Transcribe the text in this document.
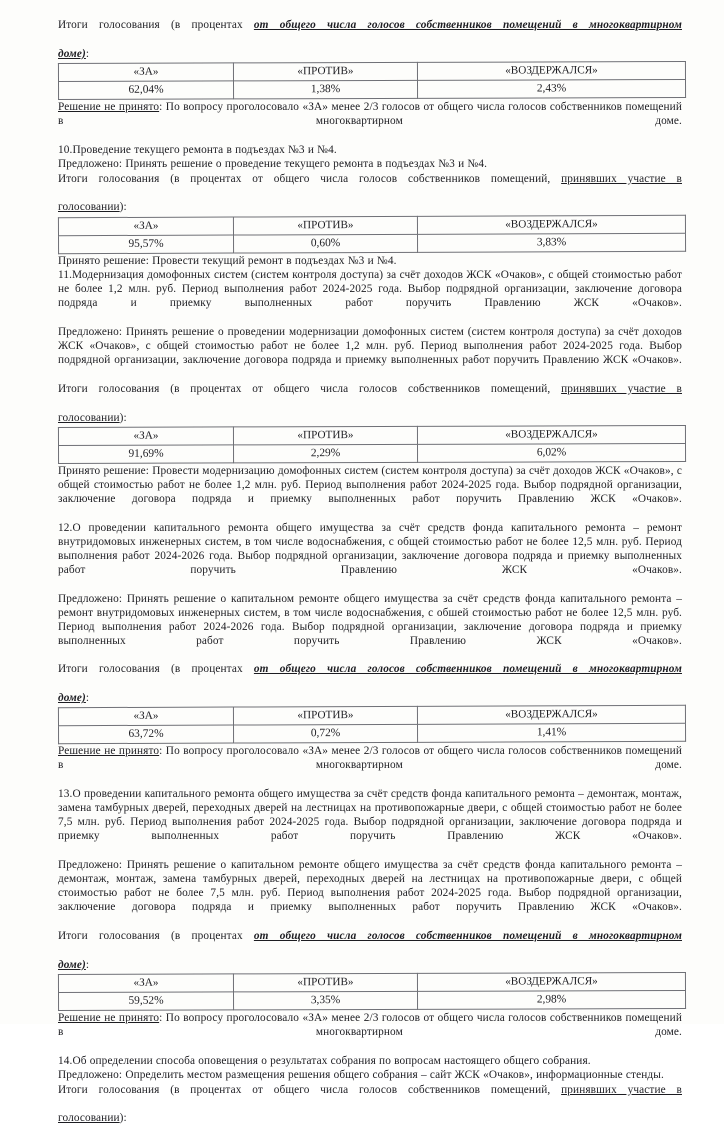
Итоги голосования (в процентах от общего числа голосов собственников помещений в многоквартирном

доме):

«ЗА»	«ПРОТИВ»	«ВОЗДЕРЖАЛСЯ»
62,04%	1,38%	2,43%

Решение не принято: По вопросу проголосовало «ЗА» менее 2/3 голосов от общего числа голосов собственников помещений в многоквартирном доме.

10.Проведение текущего ремонта в подъездах №3 и №4.

Предложено: Принять решение о проведение текущего ремонта в подъездах №3 и №4.

Итоги голосования (в процентах от общего числа голосов собственников помещений, принявших участие в

голосовании):

«ЗА»	«ПРОТИВ»	«ВОЗДЕРЖАЛСЯ»
95,57%	0,60%	3,83%

Принято решение: Провести текущий ремонт в подъездах №3 и №4.

11.Модернизация домофонных систем (систем контроля доступа) за счёт доходов ЖСК «Очаков», с общей стоимостью работ не более 1,2 млн. руб. Период выполнения работ 2024-2025 года. Выбор подрядной организации, заключение договора подряда и приемку выполненных работ поручить Правлению ЖСК «Очаков».

Предложено: Принять решение о проведении модернизации домофонных систем (систем контроля доступа) за счёт доходов ЖСК «Очаков», с общей стоимостью работ не более 1,2 млн. руб. Период выполнения работ 2024-2025 года. Выбор подрядной организации, заключение договора подряда и приемку выполненных работ поручить Правлению ЖСК «Очаков».

Итоги голосования (в процентах от общего числа голосов собственников помещений, принявших участие в

голосовании):

«ЗА»	«ПРОТИВ»	«ВОЗДЕРЖАЛСЯ»
91,69%	2,29%	6,02%

Принято решение: Провести модернизацию домофонных систем (систем контроля доступа) за счёт доходов ЖСК «Очаков», с общей стоимостью работ не более 1,2 млн. руб. Период выполнения работ 2024-2025 года. Выбор подрядной организации, заключение договора подряда и приемку выполненных работ поручить Правлению ЖСК «Очаков».

12.О проведении капитального ремонта общего имущества за счёт средств фонда капитального ремонта – ремонт внутридомовых инженерных систем, в том числе водоснабжения, с общей стоимостью работ не более 12,5 млн. руб. Период выполнения работ 2024-2026 года. Выбор подрядной организации, заключение договора подряда и приемку выполненных работ поручить Правлению ЖСК «Очаков».

Предложено: Принять решение о капитальном ремонте общего имущества за счёт средств фонда капитального ремонта – ремонт внутридомовых инженерных систем, в том числе водоснабжения, с обшей стоимостью работ не более 12,5 млн. руб. Период выполнения работ 2024-2026 года. Выбор подрядной организации, заключение договора подряда и приемку выполненных работ поручить Правлению ЖСК «Очаков».

Итоги голосования (в процентах от общего числа голосов собственников помещений в многоквартирном

доме):

«ЗА»	«ПРОТИВ»	«ВОЗДЕРЖАЛСЯ»
63,72%	0,72%	1,41%

Решение не принято: По вопросу проголосовало «ЗА» менее 2/3 голосов от общего числа голосов собственников помещений в многоквартирном доме.

13.О проведении капитального ремонта общего имущества за счёт средств фонда капитального ремонта – демонтаж, монтаж, замена тамбурных дверей, переходных дверей на лестницах на противопожарные двери, с общей стоимостью работ не более 7,5 млн. руб. Период выполнения работ 2024-2025 года. Выбор подрядной организации, заключение договора подряда и приемку выполненных работ поручить Правлению ЖСК «Очаков».

Предложено: Принять решение о капитальном ремонте общего имущества за счёт средств фонда капитального ремонта – демонтаж, монтаж, замена тамбурных дверей, переходных дверей на лестницах на противопожарные двери, с общей стоимостью работ не более 7,5 млн. руб. Период выполнения работ 2024-2025 года. Выбор подрядной организации, заключение договора подряда и приемку выполненных работ поручить Правлению ЖСК «Очаков».

Итоги голосования (в процентах от общего числа голосов собственников помещений в многоквартирном

доме):

«ЗА»	«ПРОТИВ»	«ВОЗДЕРЖАЛСЯ»
59,52%	3,35%	2,98%

Решение не принято: По вопросу проголосовало «ЗА» менее 2/3 голосов от общего числа голосов собственников помещений в многоквартирном доме.

14.Об определении способа оповещения о результатах собрания по вопросам настоящего общего собрания.

Предложено: Определить местом размещения решения общего собрания – сайт ЖСК «Очаков», информационные стенды.

Итоги голосования (в процентах от общего числа голосов собственников помещений, принявших участие в

голосовании):
